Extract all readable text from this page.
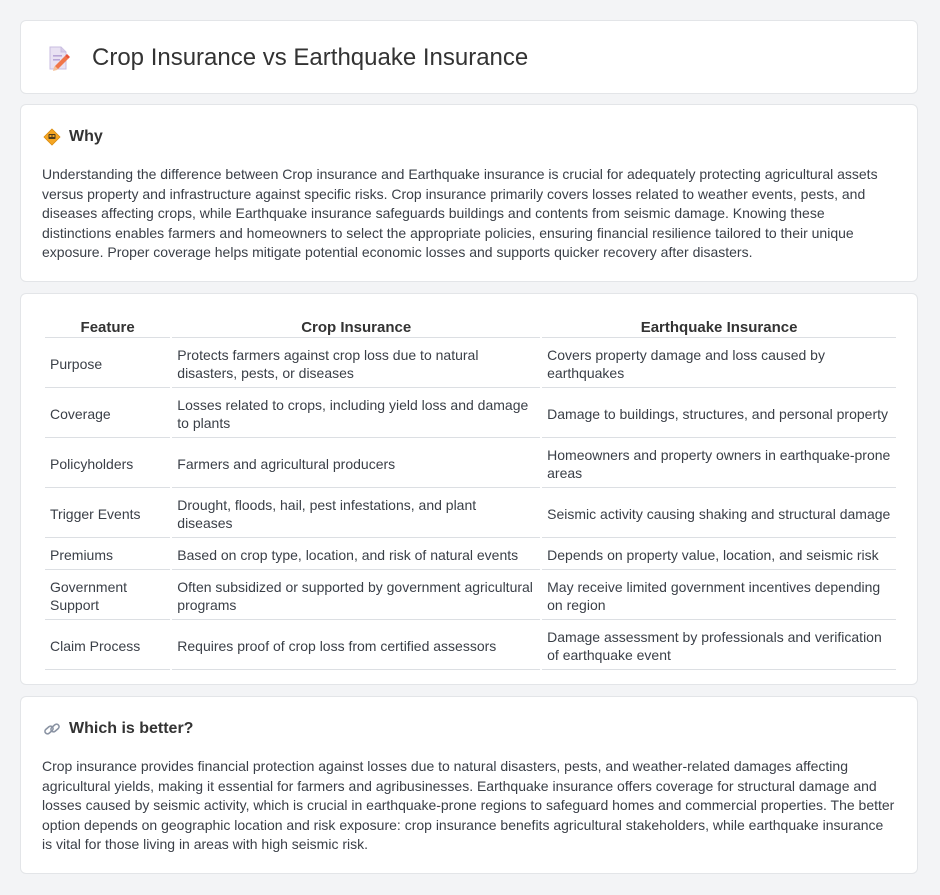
Crop Insurance vs Earthquake Insurance
Why

Understanding the difference between Crop insurance and Earthquake insurance is crucial for adequately protecting agricultural assets versus property and infrastructure against specific risks. Crop insurance primarily covers losses related to weather events, pests, and diseases affecting crops, while Earthquake insurance safeguards buildings and contents from seismic damage. Knowing these distinctions enables farmers and homeowners to select the appropriate policies, ensuring financial resilience tailored to their unique exposure. Proper coverage helps mitigate potential economic losses and supports quicker recovery after disasters.

Feature	Crop Insurance	Earthquake Insurance
Purpose	Protects farmers against crop loss due to natural disasters, pests, or diseases	Covers property damage and loss caused by earthquakes
Coverage	Losses related to crops, including yield loss and damage to plants	Damage to buildings, structures, and personal property
Policyholders	Farmers and agricultural producers	Homeowners and property owners in earthquake-prone areas
Trigger Events	Drought, floods, hail, pest infestations, and plant diseases	Seismic activity causing shaking and structural damage
Premiums	Based on crop type, location, and risk of natural events	Depends on property value, location, and seismic risk
Government Support	Often subsidized or supported by government agricultural programs	May receive limited government incentives depending on region
Claim Process	Requires proof of crop loss from certified assessors	Damage assessment by professionals and verification of earthquake event
Which is better?

Crop insurance provides financial protection against losses due to natural disasters, pests, and weather-related damages affecting agricultural yields, making it essential for farmers and agribusinesses. Earthquake insurance offers coverage for structural damage and losses caused by seismic activity, which is crucial in earthquake-prone regions to safeguard homes and commercial properties. The better option depends on geographic location and risk exposure: crop insurance benefits agricultural stakeholders, while earthquake insurance is vital for those living in areas with high seismic risk.
